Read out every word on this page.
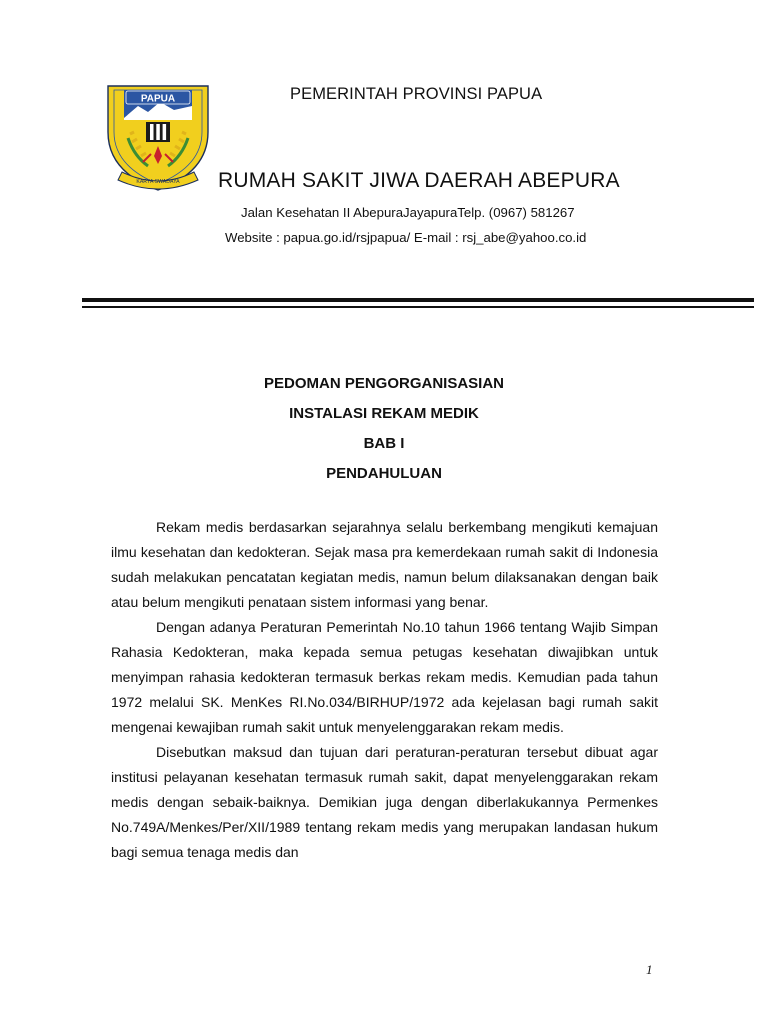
PAPUA
KARYA SWADAYA
PEMERINTAH PROVINSI PAPUA
RUMAH SAKIT JIWA DAERAH ABEPURA
Jalan Kesehatan II AbepuraJayapuraTelp. (0967) 581267
Website : papua.go.id/rsjpapua/ E-mail : rsj_abe@yahoo.co.id
PEDOMAN PENGORGANISASIAN
INSTALASI REKAM MEDIK
BAB I
PENDAHULUAN

Rekam medis berdasarkan sejarahnya selalu berkembang mengikuti kemajuan ilmu kesehatan dan kedokteran. Sejak masa pra kemerdekaan rumah sakit di Indonesia sudah melakukan pencatatan kegiatan medis, namun belum dilaksanakan dengan baik atau belum mengikuti penataan sistem informasi yang benar.

Dengan adanya Peraturan Pemerintah No.10 tahun 1966 tentang Wajib Simpan Rahasia Kedokteran, maka kepada semua petugas kesehatan diwajibkan untuk menyimpan rahasia kedokteran termasuk berkas rekam medis. Kemudian pada tahun 1972 melalui SK. MenKes RI.No.034/BIRHUP/1972 ada kejelasan bagi rumah sakit mengenai kewajiban rumah sakit untuk menyelenggarakan rekam medis.

Disebutkan maksud dan tujuan dari peraturan-peraturan tersebut dibuat agar institusi pelayanan kesehatan termasuk rumah sakit, dapat menyelenggarakan rekam medis dengan sebaik-baiknya. Demikian juga dengan diberlakukannya Permenkes No.749A/Menkes/Per/XII/1989 tentang rekam medis yang merupakan landasan hukum bagi semua tenaga medis dan

1
